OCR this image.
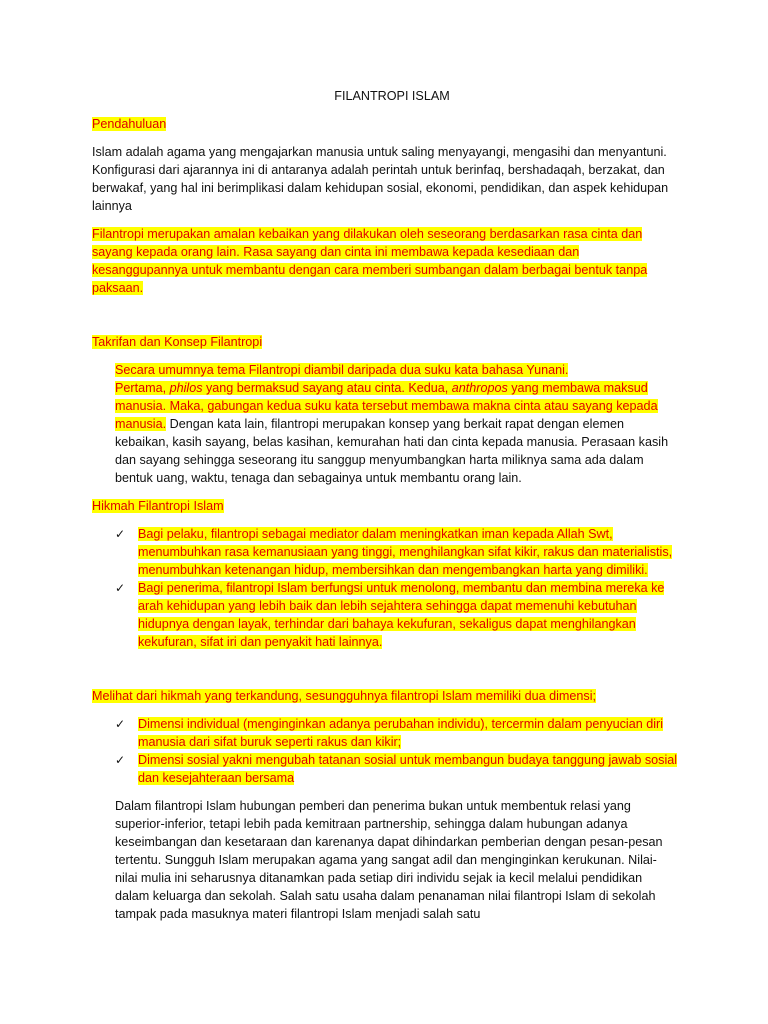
FILANTROPI ISLAM
Pendahuluan

Islam adalah agama yang mengajarkan manusia untuk saling menyayangi, mengasihi dan menyantuni. Konfigurasi dari ajarannya ini di antaranya adalah perintah untuk berinfaq, bershadaqah, berzakat, dan berwakaf, yang hal ini berimplikasi dalam kehidupan sosial, ekonomi, pendidikan, dan aspek kehidupan lainnya

Filantropi merupakan amalan kebaikan yang dilakukan oleh seseorang berdasarkan rasa cinta dan sayang kepada orang lain. Rasa sayang dan cinta ini membawa kepada kesediaan dan kesanggupannya untuk membantu dengan cara memberi sumbangan dalam berbagai bentuk tanpa paksaan.

Takrifan dan Konsep Filantropi

Secara umumnya tema Filantropi diambil daripada dua suku kata bahasa Yunani.
Pertama, philos yang bermaksud sayang atau cinta. Kedua, anthropos yang membawa maksud manusia. Maka, gabungan kedua suku kata tersebut membawa makna cinta atau sayang kepada manusia. Dengan kata lain, filantropi merupakan konsep yang berkait rapat dengan elemen kebaikan, kasih sayang, belas kasihan, kemurahan hati dan cinta kepada manusia. Perasaan kasih dan sayang sehingga seseorang itu sanggup menyumbangkan harta miliknya sama ada dalam bentuk uang, waktu, tenaga dan sebagainya untuk membantu orang lain.

Hikmah Filantropi Islam
✓ Bagi pelaku, filantropi sebagai mediator dalam meningkatkan iman kepada Allah Swt, menumbuhkan rasa kemanusiaan yang tinggi, menghilangkan sifat kikir, rakus dan materialistis, menumbuhkan ketenangan hidup, membersihkan dan mengembangkan harta yang dimiliki.
✓ Bagi penerima, filantropi Islam berfungsi untuk menolong, membantu dan membina mereka ke arah kehidupan yang lebih baik dan lebih sejahtera sehingga dapat memenuhi kebutuhan hidupnya dengan layak, terhindar dari bahaya kekufuran, sekaligus dapat menghilangkan kekufuran, sifat iri dan penyakit hati lainnya.
Melihat dari hikmah yang terkandung, sesungguhnya filantropi Islam memiliki dua dimensi;
✓ Dimensi individual (menginginkan adanya perubahan individu), tercermin dalam penyucian diri manusia dari sifat buruk seperti rakus dan kikir;
✓ Dimensi sosial yakni mengubah tatanan sosial untuk membangun budaya tanggung jawab sosial dan kesejahteraan bersama

Dalam filantropi Islam hubungan pemberi dan penerima bukan untuk membentuk relasi yang superior-inferior, tetapi lebih pada kemitraan partnership, sehingga dalam hubungan adanya keseimbangan dan kesetaraan dan karenanya dapat dihindarkan pemberian dengan pesan-pesan tertentu. Sungguh Islam merupakan agama yang sangat adil dan menginginkan kerukunan. Nilai-nilai mulia ini seharusnya ditanamkan pada setiap diri individu sejak ia kecil melalui pendidikan dalam keluarga dan sekolah. Salah satu usaha dalam penanaman nilai filantropi Islam di sekolah tampak pada masuknya materi filantropi Islam menjadi salah satu
